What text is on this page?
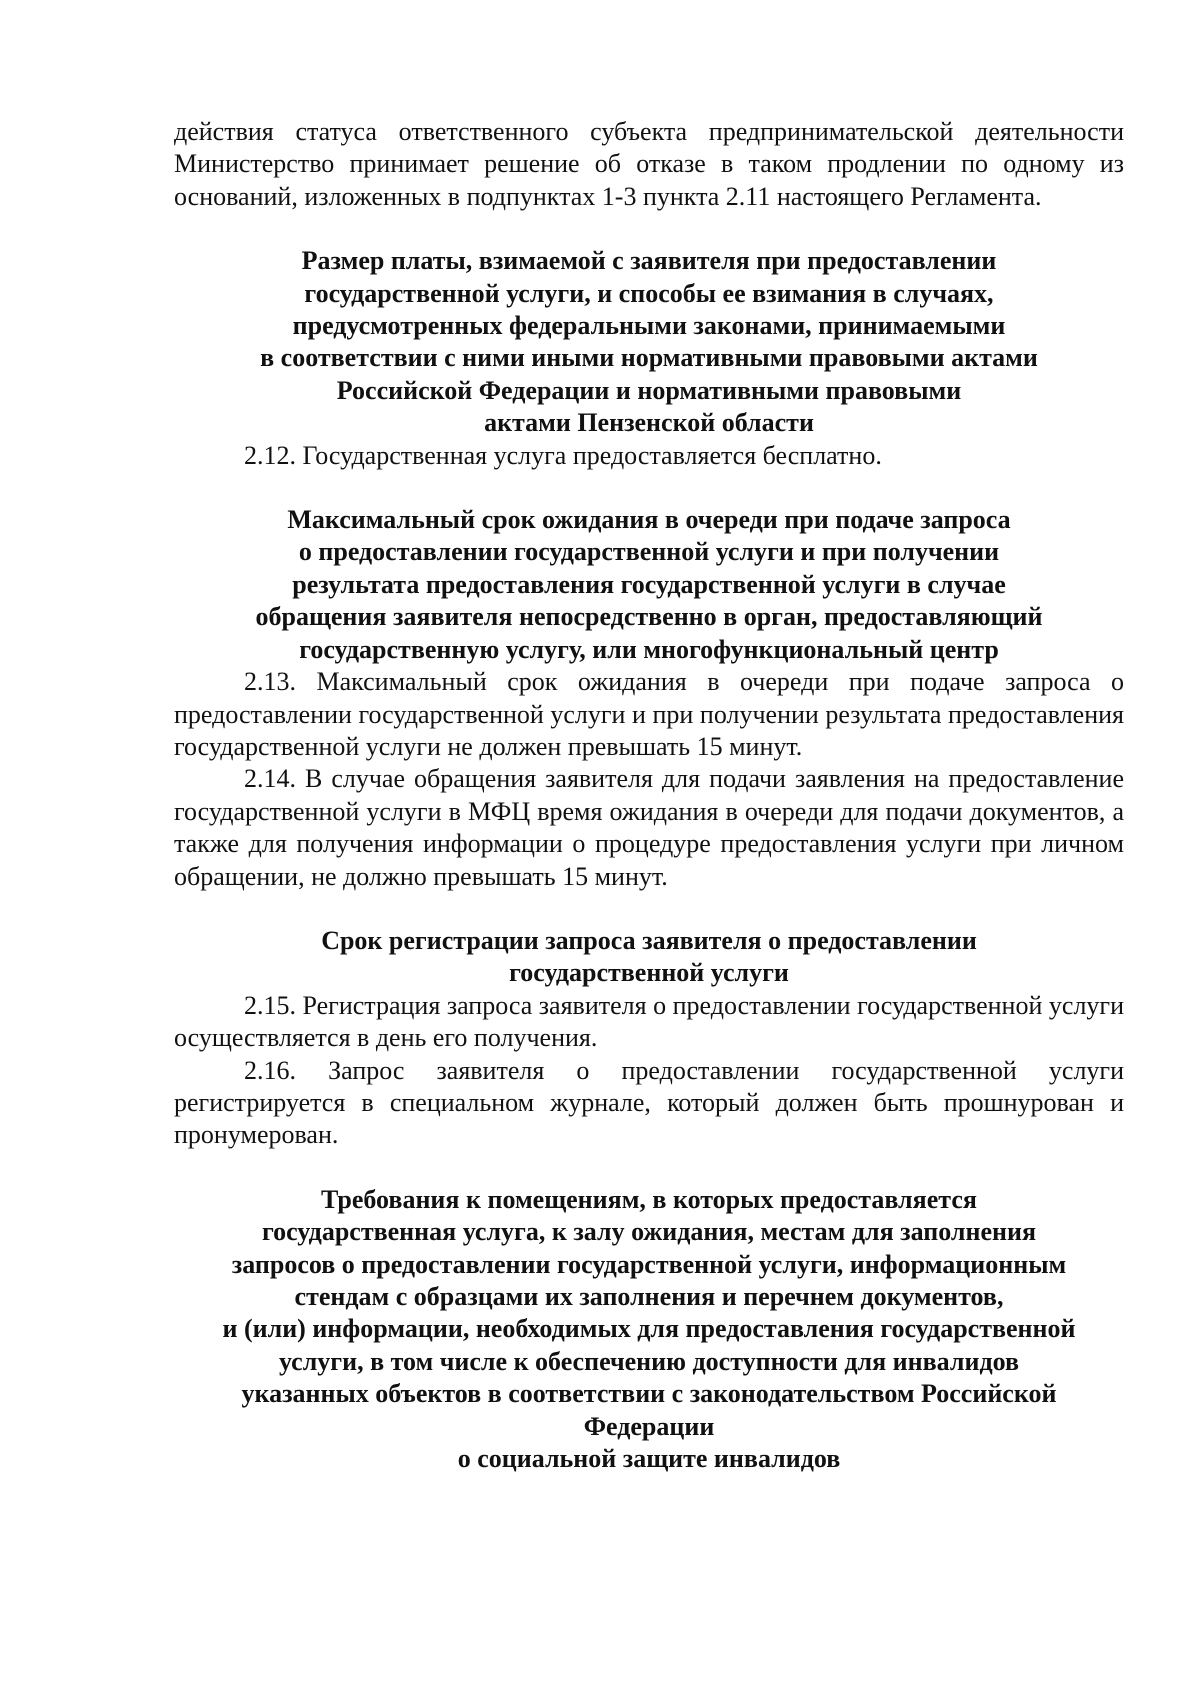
действия статуса ответственного субъекта предпринимательской деятельности Министерство принимает решение об отказе в таком продлении по одному из оснований, изложенных в подпунктах 1-3 пункта 2.11 настоящего Регламента.

Размер платы, взимаемой с заявителя при предоставлении
государственной услуги, и способы ее взимания в случаях,
предусмотренных федеральными законами, принимаемыми
в соответствии с ними иными нормативными правовыми актами
Российской Федерации и нормативными правовыми
актами Пензенской области

2.12. Государственная услуга предоставляется бесплатно.

Максимальный срок ожидания в очереди при подаче запроса
о предоставлении государственной услуги и при получении
результата предоставления государственной услуги в случае
обращения заявителя непосредственно в орган, предоставляющий
государственную услугу, или многофункциональный центр

2.13. Максимальный срок ожидания в очереди при подаче запроса о предоставлении государственной услуги и при получении результата предоставления государственной услуги не должен превышать 15 минут.

2.14. В случае обращения заявителя для подачи заявления на предоставление государственной услуги в МФЦ время ожидания в очереди для подачи документов, а также для получения информации о процедуре предоставления услуги при личном обращении, не должно превышать 15 минут.

Срок регистрации запроса заявителя о предоставлении
государственной услуги

2.15. Регистрация запроса заявителя о предоставлении государственной услуги осуществляется в день его получения.

2.16. Запрос заявителя о предоставлении государственной услуги регистрируется в специальном журнале, который должен быть прошнурован и пронумерован.

Требования к помещениям, в которых предоставляется
государственная услуга, к залу ожидания, местам для заполнения
запросов о предоставлении государственной услуги, информационным
стендам с образцами их заполнения и перечнем документов,
и (или) информации, необходимых для предоставления государственной
услуги, в том числе к обеспечению доступности для инвалидов
указанных объектов в соответствии с законодательством Российской
Федерации
о социальной защите инвалидов
